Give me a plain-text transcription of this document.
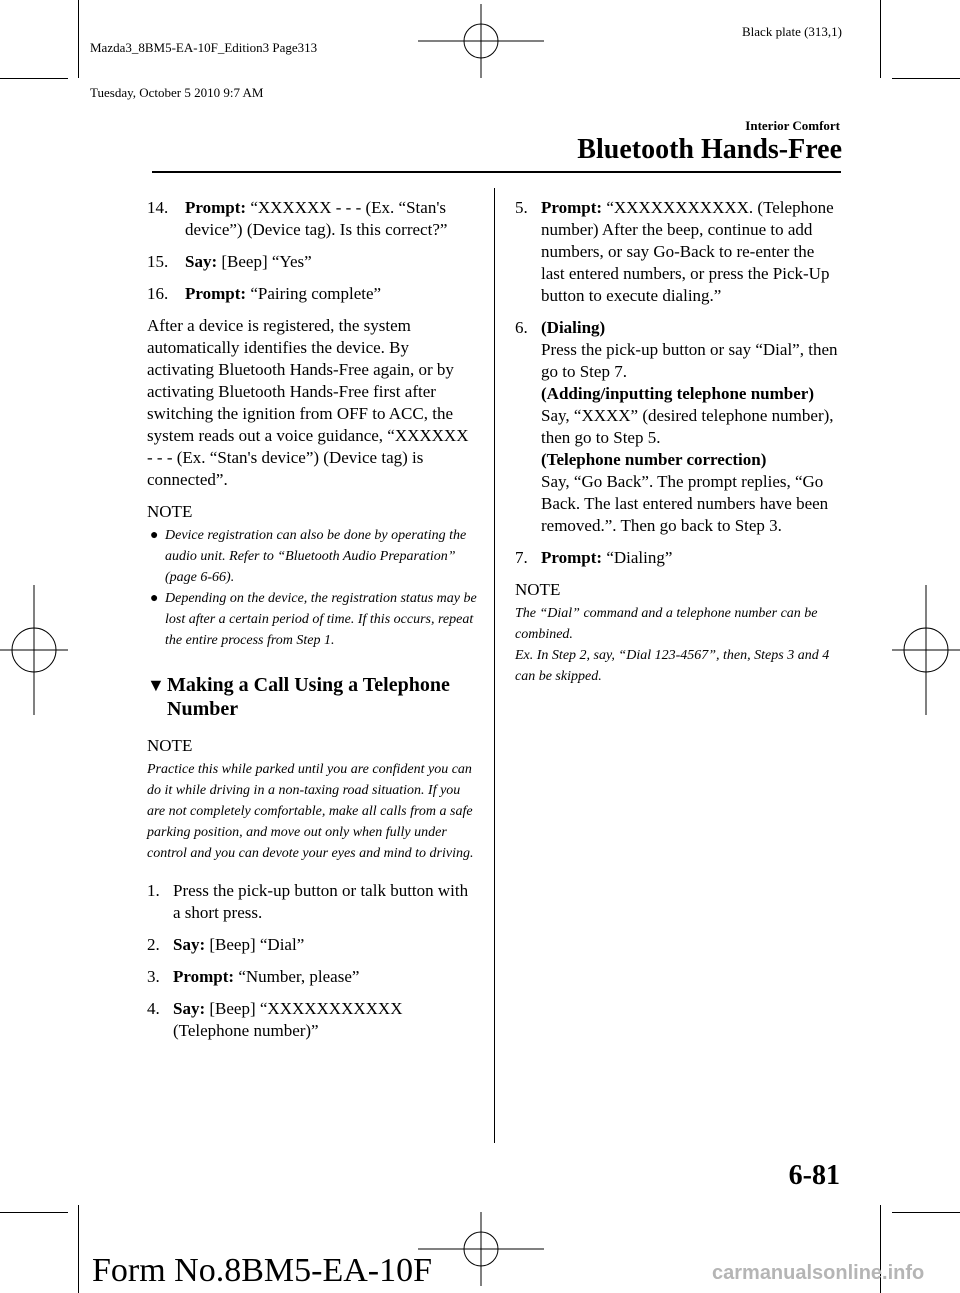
Mazda3_8BM5-EA-10F_Edition3 Page313

Tuesday, October 5 2010 9:7 AM

Black plate (313,1)
Interior Comfort
Bluetooth Hands-Free
14. Prompt: “XXXXXX - - - (Ex. “Stan's device”) (Device tag). Is this correct?”
15. Say: [Beep] “Yes”
16. Prompt: “Pairing complete”

After a device is registered, the system automatically identifies the device. By activating Bluetooth Hands-Free again, or by activating Bluetooth Hands-Free first after switching the ignition from OFF to ACC, the system reads out a voice guidance, “XXXXXX - - - (Ex. “Stan's device”) (Device tag) is connected”.

NOTE
● Device registration can also be done by operating the audio unit. Refer to “Bluetooth Audio Preparation” (page 6-66).
● Depending on the device, the registration status may be lost after a certain period of time. If this occurs, repeat the entire process from Step 1.
▼ Making a Call Using a Telephone Number
NOTE

Practice this while parked until you are confident you can do it while driving in a non-taxing road situation. If you are not completely comfortable, make all calls from a safe parking position, and move out only when fully under control and you can devote your eyes and mind to driving.

1. Press the pick-up button or talk button with a short press.
2. Say: [Beep] “Dial”
3. Prompt: “Number, please”
4. Say: [Beep] “XXXXXXXXXXX (Telephone number)”
5. Prompt: “XXXXXXXXXXX. (Telephone number) After the beep, continue to add numbers, or say Go-Back to re-enter the last entered numbers, or press the Pick-Up button to execute dialing.”
6. (Dialing)
Press the pick-up button or say “Dial”, then go to Step 7.
(Adding/inputting telephone number)
Say, “XXXX” (desired telephone number), then go to Step 5.
(Telephone number correction)
Say, “Go Back”. The prompt replies, “Go Back. The last entered numbers have been removed.”. Then go back to Step 3.
7. Prompt: “Dialing”
NOTE

The “Dial” command and a telephone number can be combined.

Ex. In Step 2, say, “Dial 123-4567”, then, Steps 3 and 4 can be skipped.

6-81
Form No.8BM5-EA-10F	carmanualsonline.info
